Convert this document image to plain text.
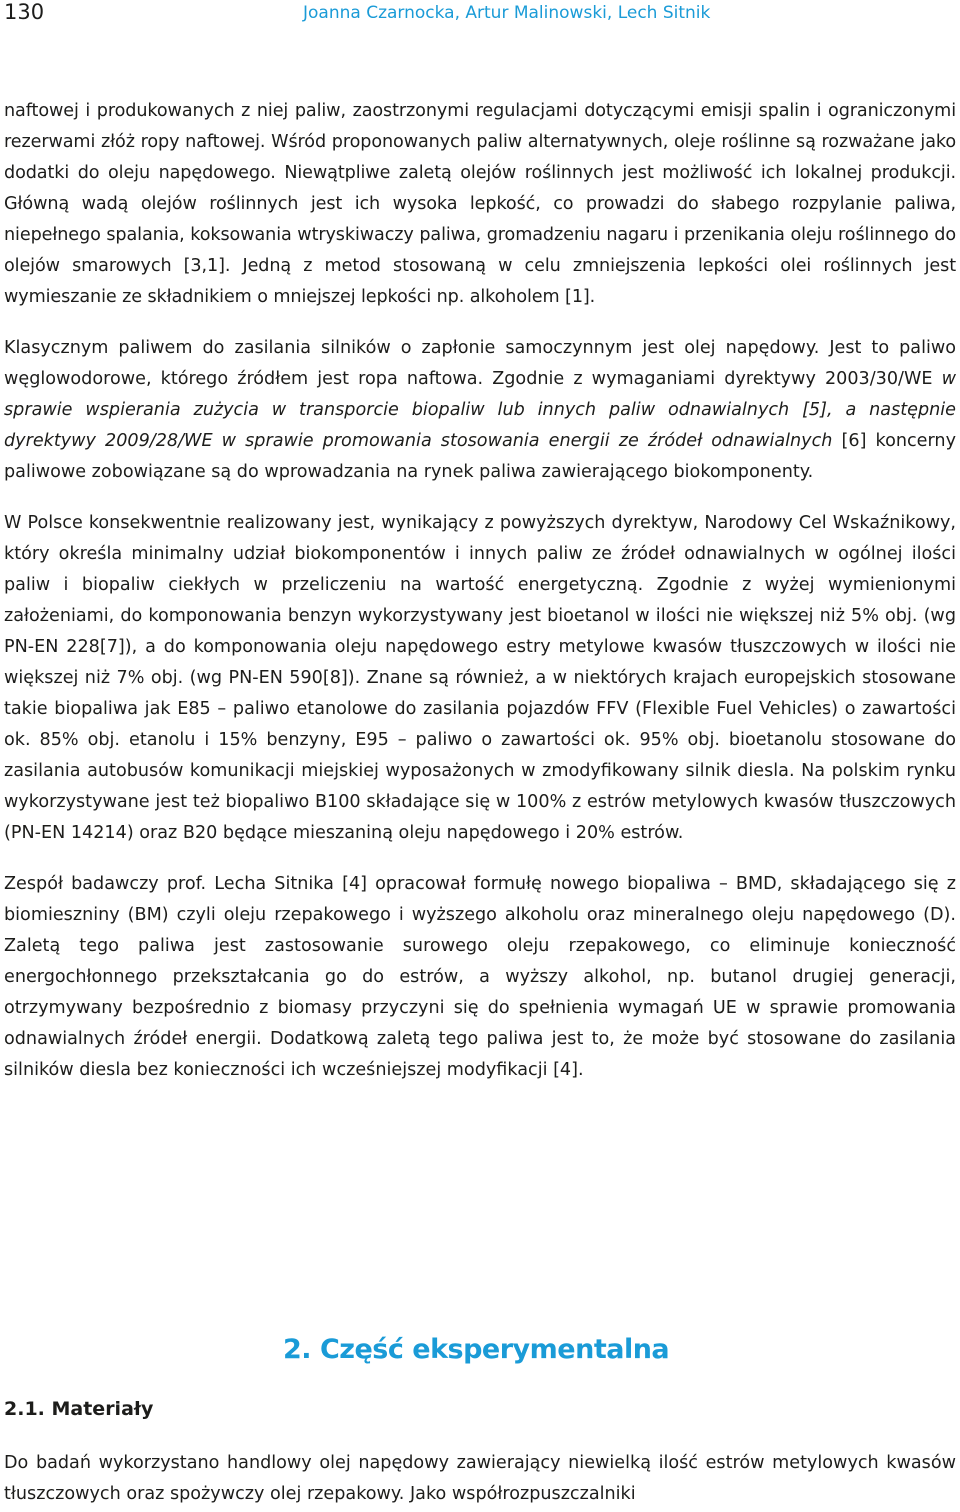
130	Joanna Czarnocka, Artur Malinowski, Lech Sitnik

naftowej i produkowanych z niej paliw, zaostrzonymi regulacjami dotyczącymi emisji spalin i ograniczonymi rezerwami złóż ropy naftowej. Wśród proponowanych paliw alternatywnych, oleje roślinne są rozważane jako dodatki do oleju napędowego. Niewątpliwe zaletą olejów roślinnych jest możliwość ich lokalnej produkcji. Główną wadą olejów roślinnych jest ich wysoka lepkość, co prowadzi do słabego rozpylanie paliwa, niepełnego spalania, koksowania wtryskiwaczy paliwa, gromadzeniu nagaru i przenikania oleju roślinnego do olejów smarowych [3,1]. Jedną z metod stosowaną w celu zmniejszenia lepkości olei roślinnych jest wymieszanie ze składnikiem o mniejszej lepkości np. alkoholem [1].

Klasycznym paliwem do zasilania silników o zapłonie samoczynnym jest olej napędowy. Jest to paliwo węglowodorowe, którego źródłem jest ropa naftowa. Zgodnie z wymaganiami dyrektywy 2003/30/WE w sprawie wspierania zużycia w transporcie biopaliw lub innych paliw odnawialnych [5], a następnie dyrektywy 2009/28/WE w sprawie promowania stosowania energii ze źródeł odnawialnych [6] koncerny paliwowe zobowiązane są do wprowadzania na rynek paliwa zawierającego biokomponenty.

W Polsce konsekwentnie realizowany jest, wynikający z powyższych dyrektyw, Narodowy Cel Wskaźnikowy, który określa minimalny udział biokomponentów i innych paliw ze źródeł odnawialnych w ogólnej ilości paliw i biopaliw ciekłych w przeliczeniu na wartość energetyczną. Zgodnie z wyżej wymienionymi założeniami, do komponowania benzyn wykorzystywany jest bioetanol w ilości nie większej niż 5% obj. (wg PN-EN 228[7]), a do komponowania oleju napędowego estry metylowe kwasów tłuszczowych w ilości nie większej niż 7% obj. (wg PN-EN 590[8]). Znane są również, a w niektórych krajach europejskich stosowane takie biopaliwa jak E85 – paliwo etanolowe do zasilania pojazdów FFV (Flexible Fuel Vehicles) o zawartości ok. 85% obj. etanolu i 15% benzyny, E95 – paliwo o zawartości ok. 95% obj. bioetanolu stosowane do zasilania autobusów komunikacji miejskiej wyposażonych w zmodyfikowany silnik diesla. Na polskim rynku wykorzystywane jest też biopaliwo B100 składające się w 100% z estrów metylowych kwasów tłuszczowych (PN-EN 14214) oraz B20 będące mieszaniną oleju napędowego i 20% estrów.

Zespół badawczy prof. Lecha Sitnika [4] opracował formułę nowego biopaliwa – BMD, składającego się z biomieszniny (BM) czyli oleju rzepakowego i wyższego alkoholu oraz mineralnego oleju napędowego (D). Zaletą tego paliwa jest zastosowanie surowego oleju rzepakowego, co eliminuje konieczność energochłonnego przekształcania go do estrów, a wyższy alkohol, np. butanol drugiej generacji, otrzymywany bezpośrednio z biomasy przyczyni się do spełnienia wymagań UE w sprawie promowania odnawialnych źródeł energii. Dodatkową zaletą tego paliwa jest to, że może być stosowane do zasilania silników diesla bez konieczności ich wcześniejszej modyfikacji [4].

2. Część eksperymentalna
2.1. Materiały

Do badań wykorzystano handlowy olej napędowy zawierający niewielką ilość estrów metylowych kwasów tłuszczowych oraz spożywczy olej rzepakowy. Jako współrozpuszczalniki
